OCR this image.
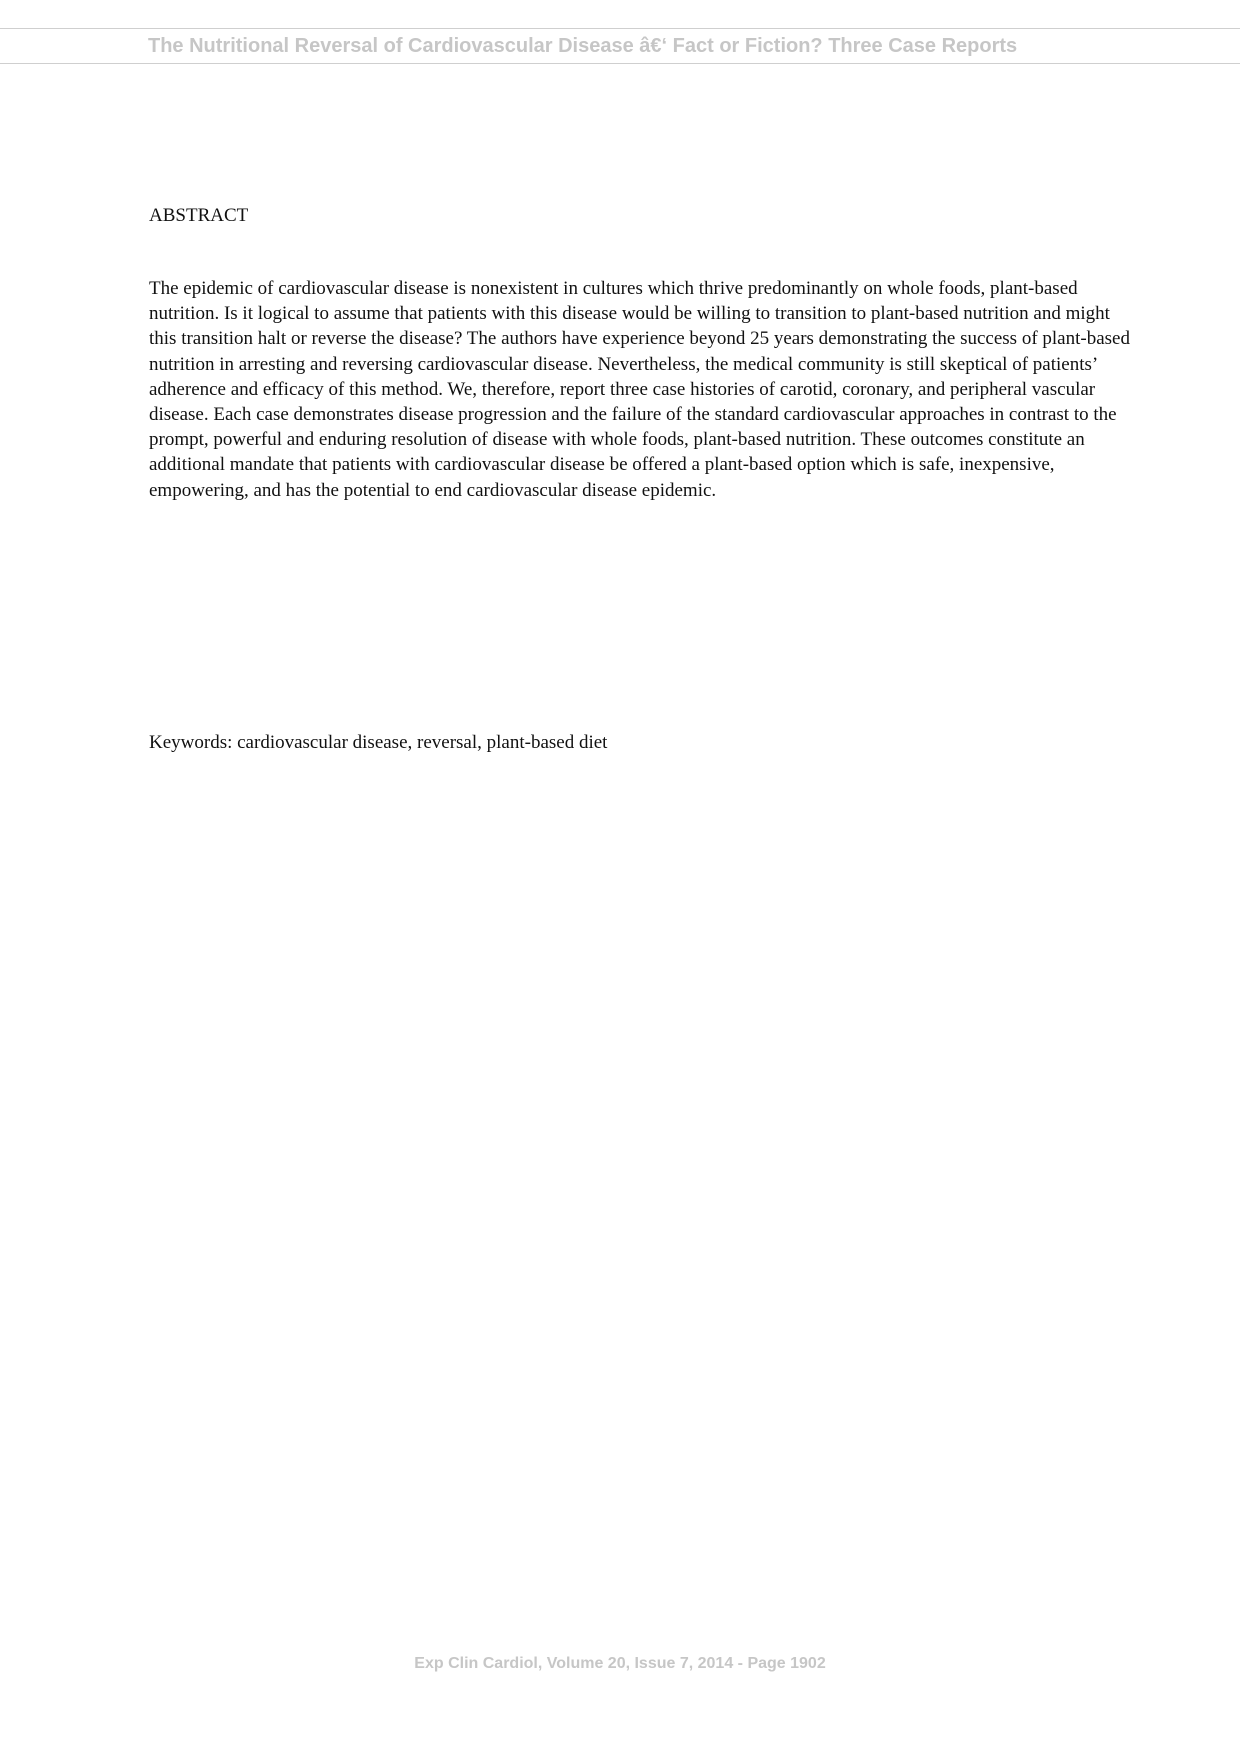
The Nutritional Reversal of Cardiovascular Disease â€‘ Fact or Fiction? Three Case Reports
ABSTRACT

The epidemic of cardiovascular disease is nonexistent in cultures which thrive predominantly on whole foods, plant-based nutrition. Is it logical to assume that patients with this disease would be willing to transition to plant-based nutrition and might this transition halt or reverse the disease? The authors have experience beyond 25 years demonstrating the success of plant-based nutrition in arresting and reversing cardiovascular disease. Nevertheless, the medical community is still skeptical of patients’ adherence and efficacy of this method. We, therefore, report three case histories of carotid, coronary, and peripheral vascular disease. Each case demonstrates disease progression and the failure of the standard cardiovascular approaches in contrast to the prompt, powerful and enduring resolution of disease with whole foods, plant-based nutrition. These outcomes constitute an additional mandate that patients with cardiovascular disease be offered a plant-based option which is safe, inexpensive, empowering, and has the potential to end cardiovascular disease epidemic.

Keywords: cardiovascular disease, reversal, plant-based diet

Exp Clin Cardiol, Volume 20, Issue 7, 2014 - Page 1902
